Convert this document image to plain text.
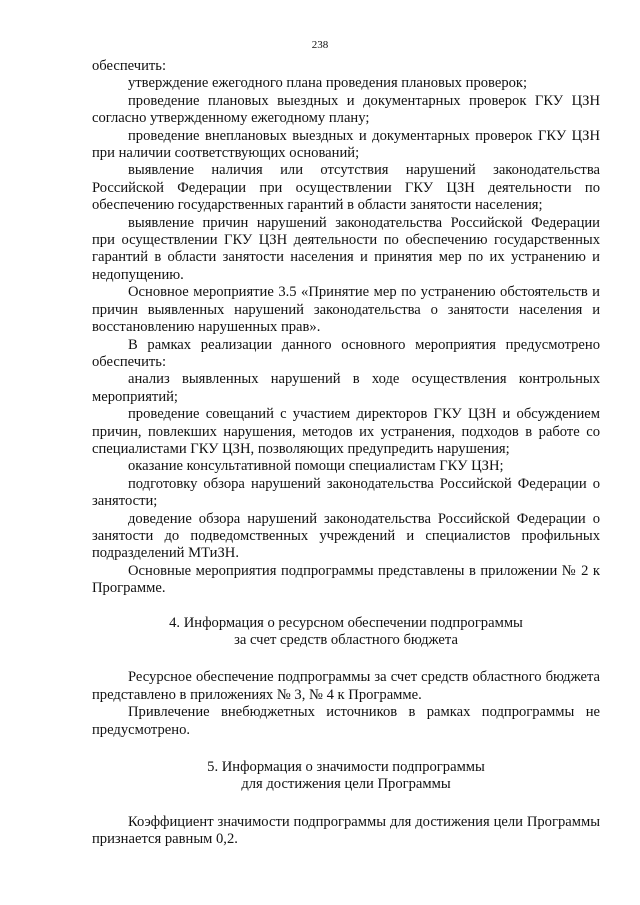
238

обеспечить:

утверждение ежегодного плана проведения плановых проверок;

проведение плановых выездных и документарных проверок ГКУ ЦЗН согласно утвержденному ежегодному плану;

проведение внеплановых выездных и документарных проверок ГКУ ЦЗН при наличии соответствующих оснований;

выявление наличия или отсутствия нарушений законодательства Российской Федерации при осуществлении ГКУ ЦЗН деятельности по обеспечению государственных гарантий в области занятости населения;

выявление причин нарушений законодательства Российской Федерации при осуществлении ГКУ ЦЗН деятельности по обеспечению государственных гарантий в области занятости населения и принятия мер по их устранению и недопущению.

Основное мероприятие 3.5 «Принятие мер по устранению обстоятельств и причин выявленных нарушений законодательства о занятости населения и восстановлению нарушенных прав».

В рамках реализации данного основного мероприятия предусмотрено обеспечить:

анализ выявленных нарушений в ходе осуществления контрольных мероприятий;

проведение совещаний с участием директоров ГКУ ЦЗН и обсуждением причин, повлекших нарушения, методов их устранения, подходов в работе со специалистами ГКУ ЦЗН, позволяющих предупредить нарушения;

оказание консультативной помощи специалистам ГКУ ЦЗН;

подготовку обзора нарушений законодательства Российской Федерации о занятости;

доведение обзора нарушений законодательства Российской Федерации о занятости до подведомственных учреждений и специалистов профильных подразделений МТиЗН.

Основные мероприятия подпрограммы представлены в приложении № 2 к Программе.

4. Информация о ресурсном обеспечении подпрограммы
за счет средств областного бюджета

Ресурсное обеспечение подпрограммы за счет средств областного бюджета представлено в приложениях № 3, № 4 к Программе.

Привлечение внебюджетных источников в рамках подпрограммы не предусмотрено.

5. Информация о значимости подпрограммы
для достижения цели Программы

Коэффициент значимости подпрограммы для достижения цели Программы признается равным 0,2.
